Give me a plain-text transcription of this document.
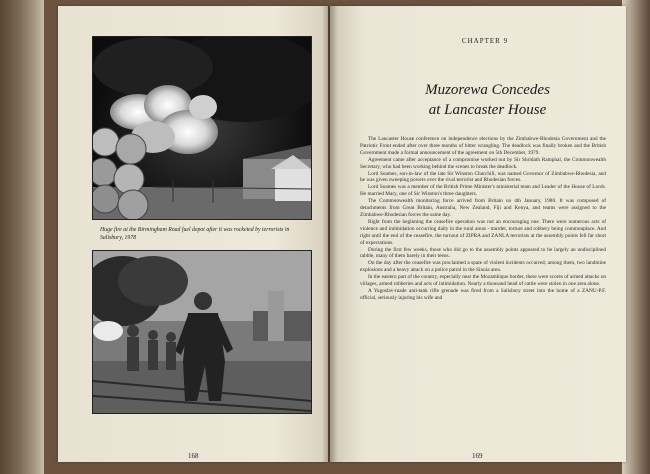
Huge fire at the Birmingham Road fuel depot after it was rocketed by terrorists in Salisbury, 1978
168
CHAPTER 9
Muzorewa Concedes
at Lancaster House

The Lancaster House conference on independence elections by the Zimbabwe-Rhodesia Government and the Patriotic Front ended after over three months of bitter wrangling. The deadlock was finally broken and the British Government made a formal announcement of the agreement on 5th December, 1979.

Agreement came after acceptance of a compromise worked out by Sir Shridath Ramphal, the Commonwealth Secretary, who had been working behind the scenes to break the deadlock.

Lord Soames, son-in-law of the late Sir Winston Churchill, was named Governor of Zimbabwe-Rhodesia, and he was given sweeping powers over the rival terrorist and Rhodesian forces.

Lord Soames was a member of the British Prime Minister's ministerial team and Leader of the House of Lords. He married Mary, one of Sir Winston's three daughters.

The Commonwealth monitoring force arrived from Britain on 4th January, 1980. It was composed of detachments from Great Britain, Australia, New Zealand, Fiji and Kenya, and teams were assigned to the Zimbabwe-Rhodesian forces the same day.

Right from the beginning the ceasefire operation was not an encouraging one. There were numerous acts of violence and intimidation occurring daily in the rural areas - murder, torture and robbery being commonplace. And right until the end of the ceasefire, the turnout of ZIPRA and ZANLA terrorists at the assembly points fell far short of expectations.

During the first few weeks, those who did go to the assembly points appeared to be largely an undisciplined rabble, many of them barely in their teens.

On the day after the ceasefire was proclaimed a spate of violent incidents occurred; among them, two landmine explosions and a heavy attack on a police patrol in the Sinoia area.

In the eastern part of the country, especially near the Mozambique border, there were scores of armed attacks on villages, armed robberies and acts of intimidation. Nearly a thousand head of cattle were stolen in one area alone.

A Yugoslav-made anti-tank rifle grenade was fired from a Salisbury street into the home of a ZANU-P.F. official, seriously injuring his wife and

169
